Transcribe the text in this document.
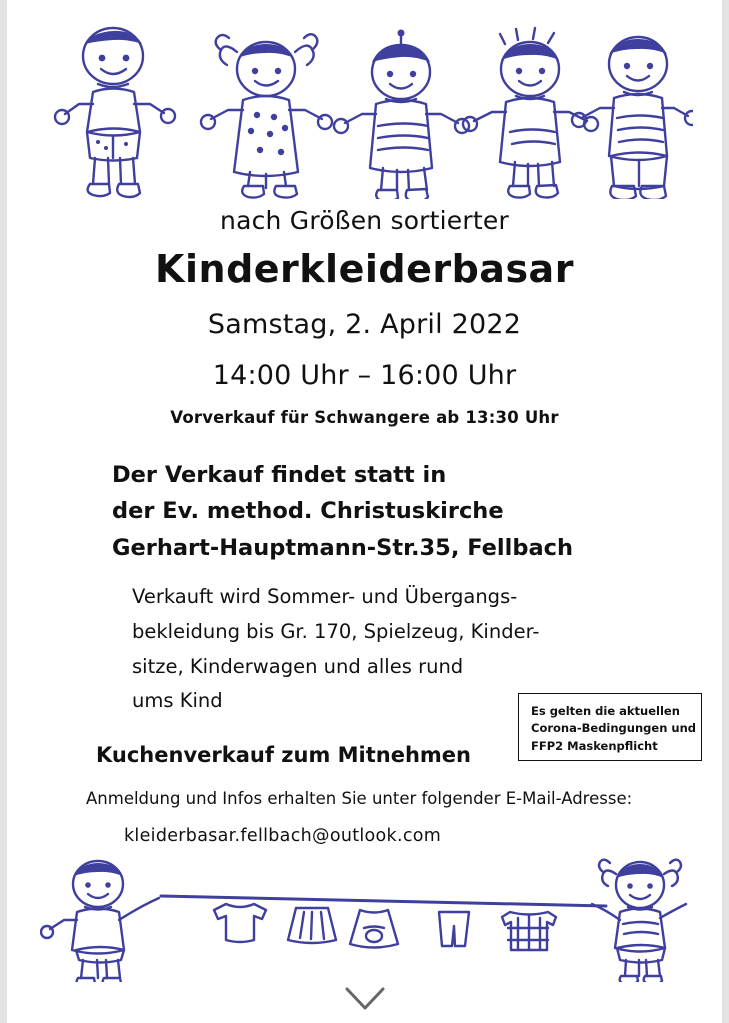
nach Größen sortierter
Kinderkleiderbasar
Samstag, 2. April 2022
14:00 Uhr – 16:00 Uhr
Vorverkauf für Schwangere ab 13:30 Uhr
Der Verkauf findet statt in
der Ev. method. Christuskirche
Gerhart-Hauptmann-Str.35, Fellbach
Verkauft wird Sommer- und Übergangs-
bekleidung bis Gr. 170, Spielzeug, Kinder-
sitze, Kinderwagen und alles rund
ums Kind
Kuchenverkauf zum Mitnehmen
Anmeldung und Infos erhalten Sie unter folgender E-Mail-Adresse:
kleiderbasar.fellbach@outlook.com
Es gelten die aktuellen
Corona-Bedingungen und
FFP2 Maskenpflicht
